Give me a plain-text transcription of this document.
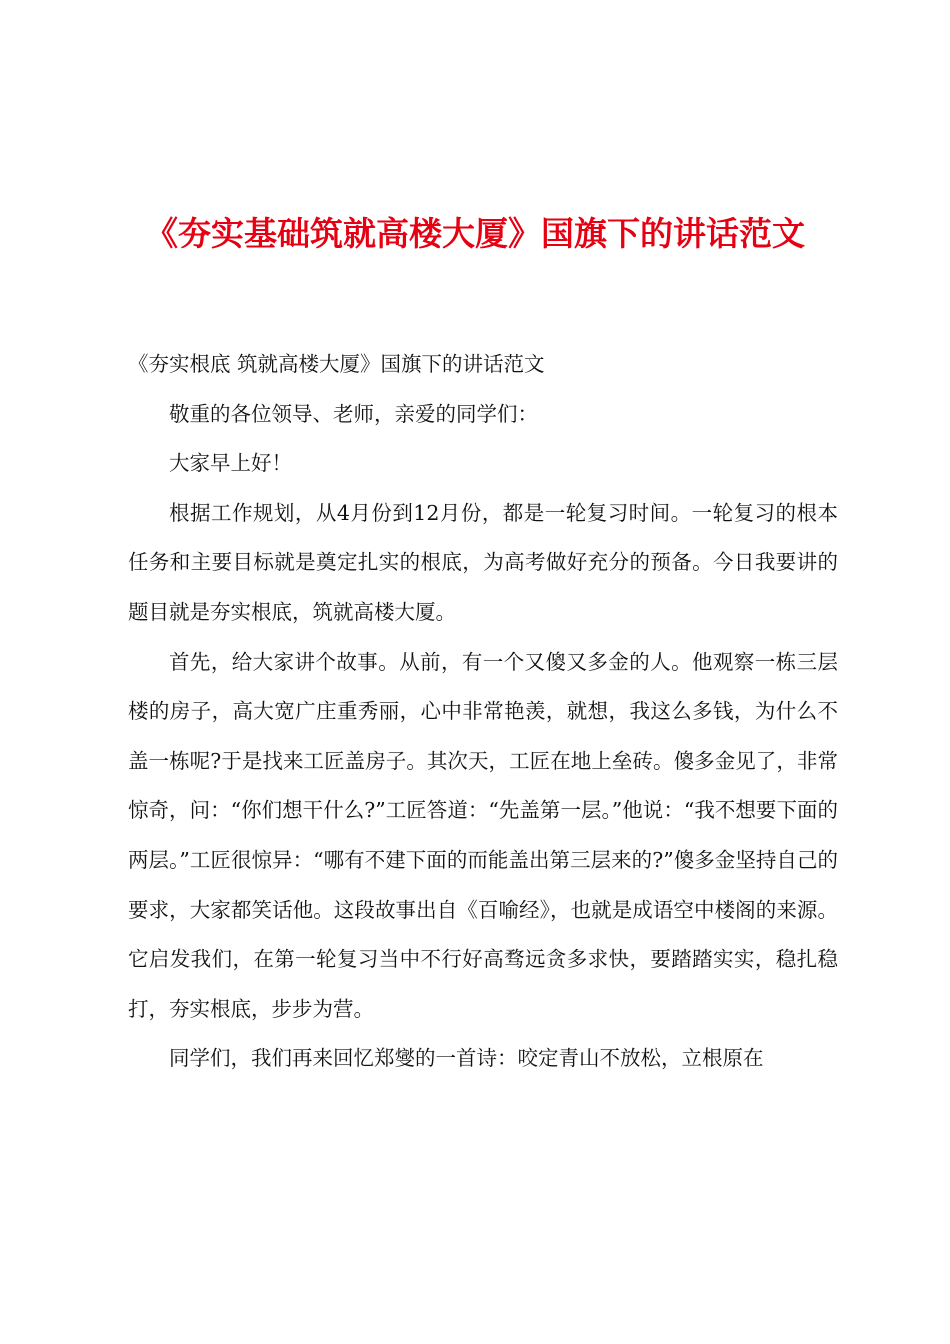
《夯实基础筑就高楼大厦》国旗下的讲话范文

《夯实根底 筑就高楼大厦》国旗下的讲话范文

敬重的各位领导、老师，亲爱的同学们：

大家早上好！

根据工作规划，从4月份到12月份，都是一轮复习时间。一轮复习的根本任务和主要目标就是奠定扎实的根底，为高考做好充分的预备。今日我要讲的题目就是夯实根底，筑就高楼大厦。

首先，给大家讲个故事。从前，有一个又傻又多金的人。他观察一栋三层楼的房子，高大宽广庄重秀丽，心中非常艳羡，就想，我这么多钱，为什么不盖一栋呢?于是找来工匠盖房子。其次天，工匠在地上垒砖。傻多金见了，非常惊奇，问：“你们想干什么?”工匠答道：“先盖第一层。”他说：“我不想要下面的两层。”工匠很惊异：“哪有不建下面的而能盖出第三层来的?”傻多金坚持自己的要求，大家都笑话他。这段故事出自《百喻经》，也就是成语空中楼阁的来源。它启发我们，在第一轮复习当中不行好高骛远贪多求快，要踏踏实实，稳扎稳打，夯实根底，步步为营。

同学们，我们再来回忆郑燮的一首诗：咬定青山不放松，立根原在
